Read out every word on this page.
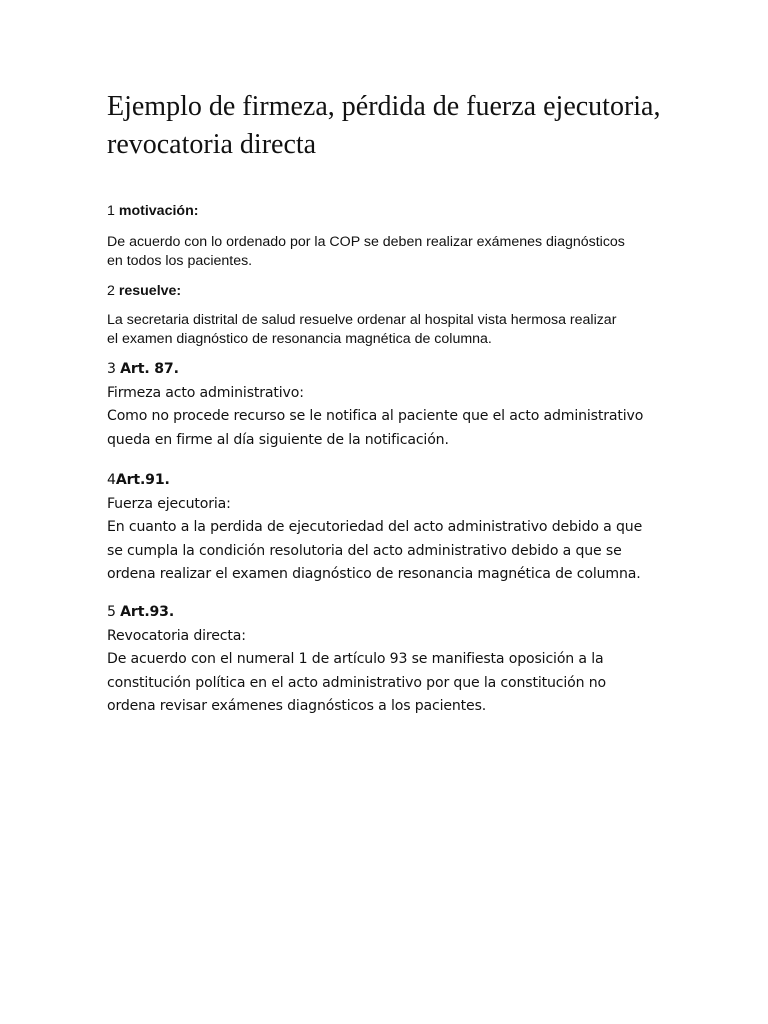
Ejemplo de firmeza, pérdida de fuerza ejecutoria,
revocatoria directa
1 motivación:
De acuerdo con lo ordenado por la COP se deben realizar exámenes diagnósticos
en todos los pacientes.
2 resuelve:
La secretaria distrital de salud resuelve ordenar al hospital vista hermosa realizar
el examen diagnóstico de resonancia magnética de columna.
3 Art. 87.
Firmeza acto administrativo:
Como no procede recurso se le notifica al paciente que el acto administrativo
queda en firme al día siguiente de la notificación.
4Art.91.
Fuerza ejecutoria:
En cuanto a la perdida de ejecutoriedad del acto administrativo debido a que
se cumpla la condición resolutoria del acto administrativo debido a que se
ordena realizar el examen diagnóstico de resonancia magnética de columna.
5 Art.93.
Revocatoria directa:
De acuerdo con el numeral 1 de artículo 93 se manifiesta oposición a la
constitución política en el acto administrativo por que la constitución no
ordena revisar exámenes diagnósticos a los pacientes.
